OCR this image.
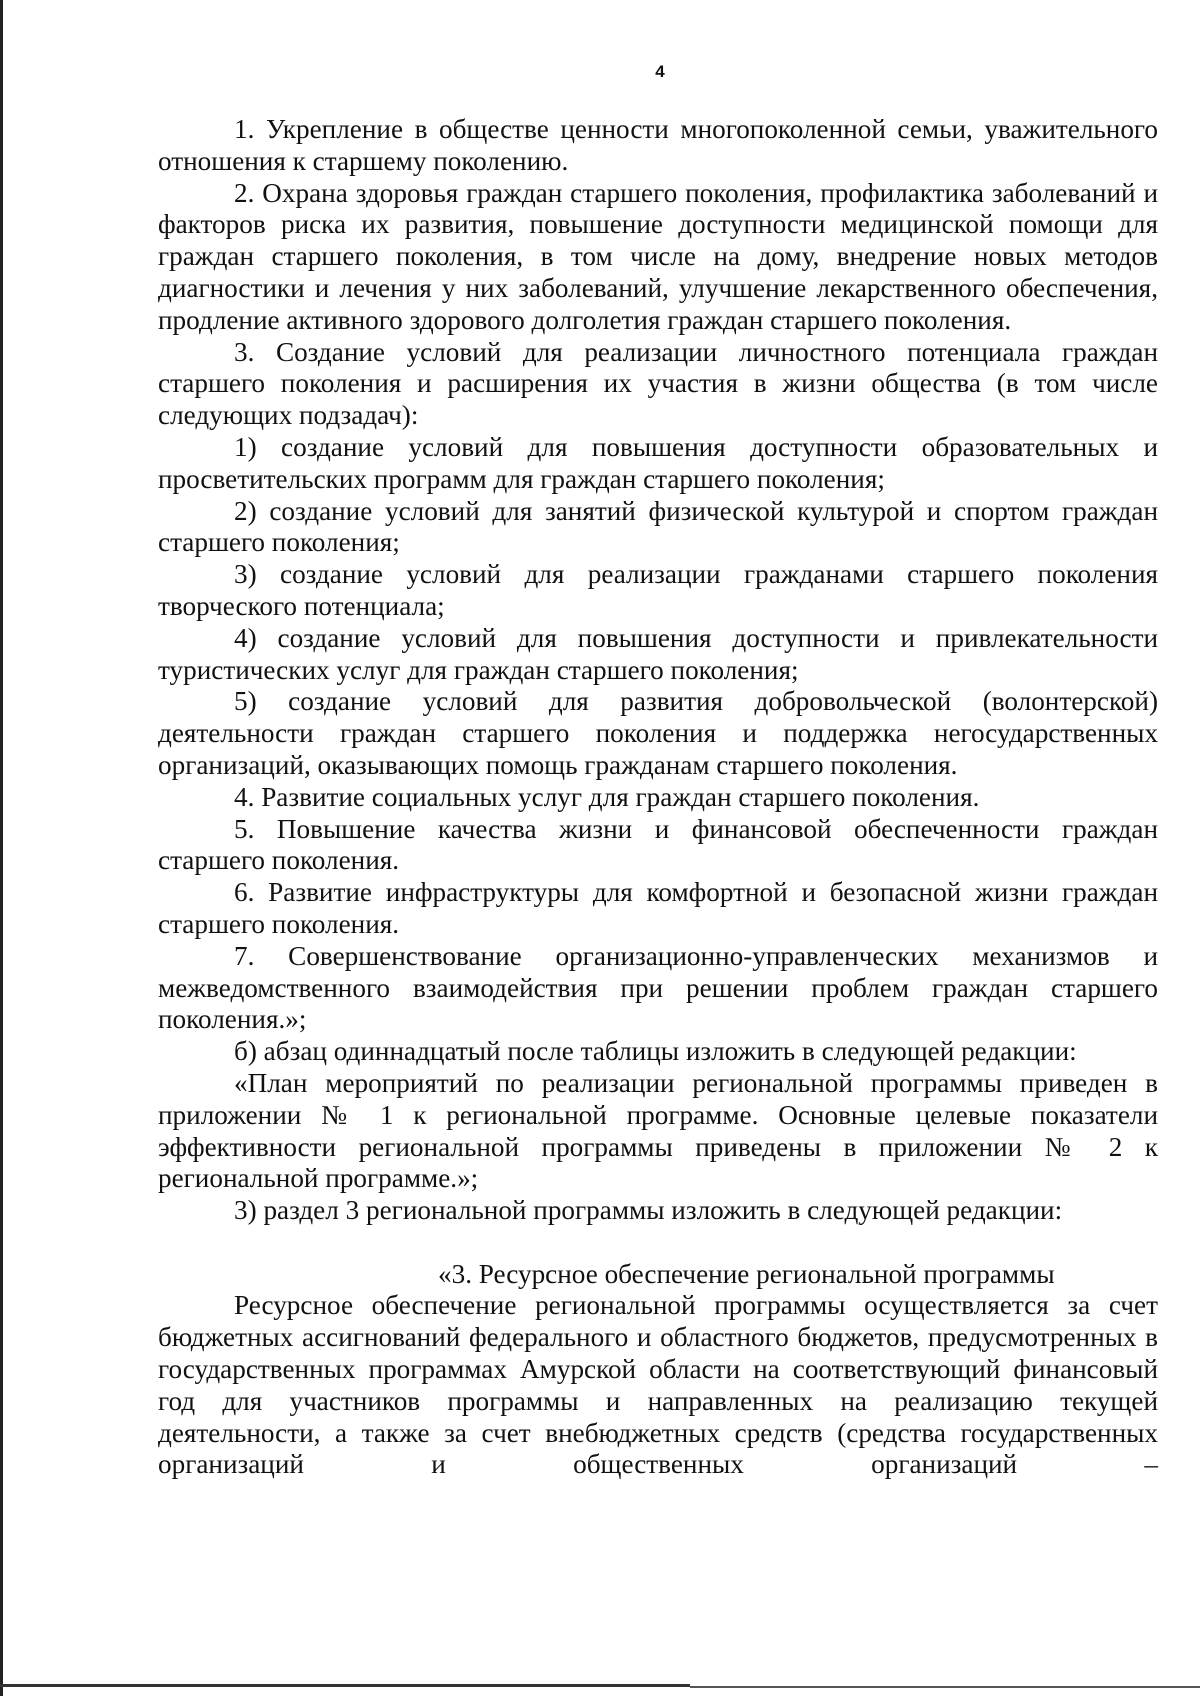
4

1. Укрепление в обществе ценности многопоколенной семьи, уважительного отношения к старшему поколению.

2. Охрана здоровья граждан старшего поколения, профилактика заболеваний и факторов риска их развития, повышение доступности медицинской помощи для граждан старшего поколения, в том числе на дому, внедрение новых методов диагностики и лечения у них заболеваний, улучшение лекарственного обеспечения, продление активного здорового долголетия граждан старшего поколения.

3. Создание условий для реализации личностного потенциала граждан старшего поколения и расширения их участия в жизни общества (в том числе следующих подзадач):

1) создание условий для повышения доступности образовательных и просветительских программ для граждан старшего поколения;

2) создание условий для занятий физической культурой и спортом граждан старшего поколения;

3) создание условий для реализации гражданами старшего поколения творческого потенциала;

4) создание условий для повышения доступности и привлекательности туристических услуг для граждан старшего поколения;

5) создание условий для развития добровольческой (волонтерской) деятельности граждан старшего поколения и поддержка негосударственных организаций, оказывающих помощь гражданам старшего поколения.

4. Развитие социальных услуг для граждан старшего поколения.

5. Повышение качества жизни и финансовой обеспеченности граждан старшего поколения.

6. Развитие инфраструктуры для комфортной и безопасной жизни граждан старшего поколения.

7. Совершенствование организационно-управленческих механизмов и межведомственного взаимодействия при решении проблем граждан старшего поколения.»;

б) абзац одиннадцатый после таблицы изложить в следующей редакции:

«План мероприятий по реализации региональной программы приведен в приложении № 1 к региональной программе. Основные целевые показатели эффективности региональной программы приведены в приложении № 2 к региональной программе.»;

3) раздел 3 региональной программы изложить в следующей редакции:

«3. Ресурсное обеспечение региональной программы

Ресурсное обеспечение региональной программы осуществляется за счет бюджетных ассигнований федерального и областного бюджетов, предусмотренных в государственных программах Амурской области на соответствующий финансовый год для участников программы и направленных на реализацию текущей деятельности, а также за счет внебюджетных средств (средства государственных организаций и общественных организаций –
